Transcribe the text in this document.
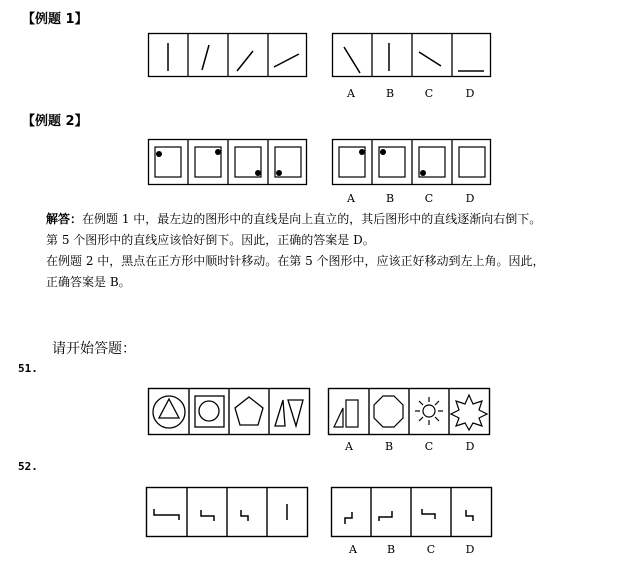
【例题 1】
A	B	C	D
【例题 2】
A	B	C	D
解答：在例题 1 中，最左边的图形中的直线是向上直立的，其后图形中的直线逐渐向右倒下。
第 5 个图形中的直线应该恰好倒下。因此，正确的答案是 D。
在例题 2 中，黑点在正方形中顺时针移动。在第 5 个图形中，应该正好移动到左上角。因此，
正确答案是 B。
请开始答题：
51.
A	B	C	D
52.
A	B	C	D
